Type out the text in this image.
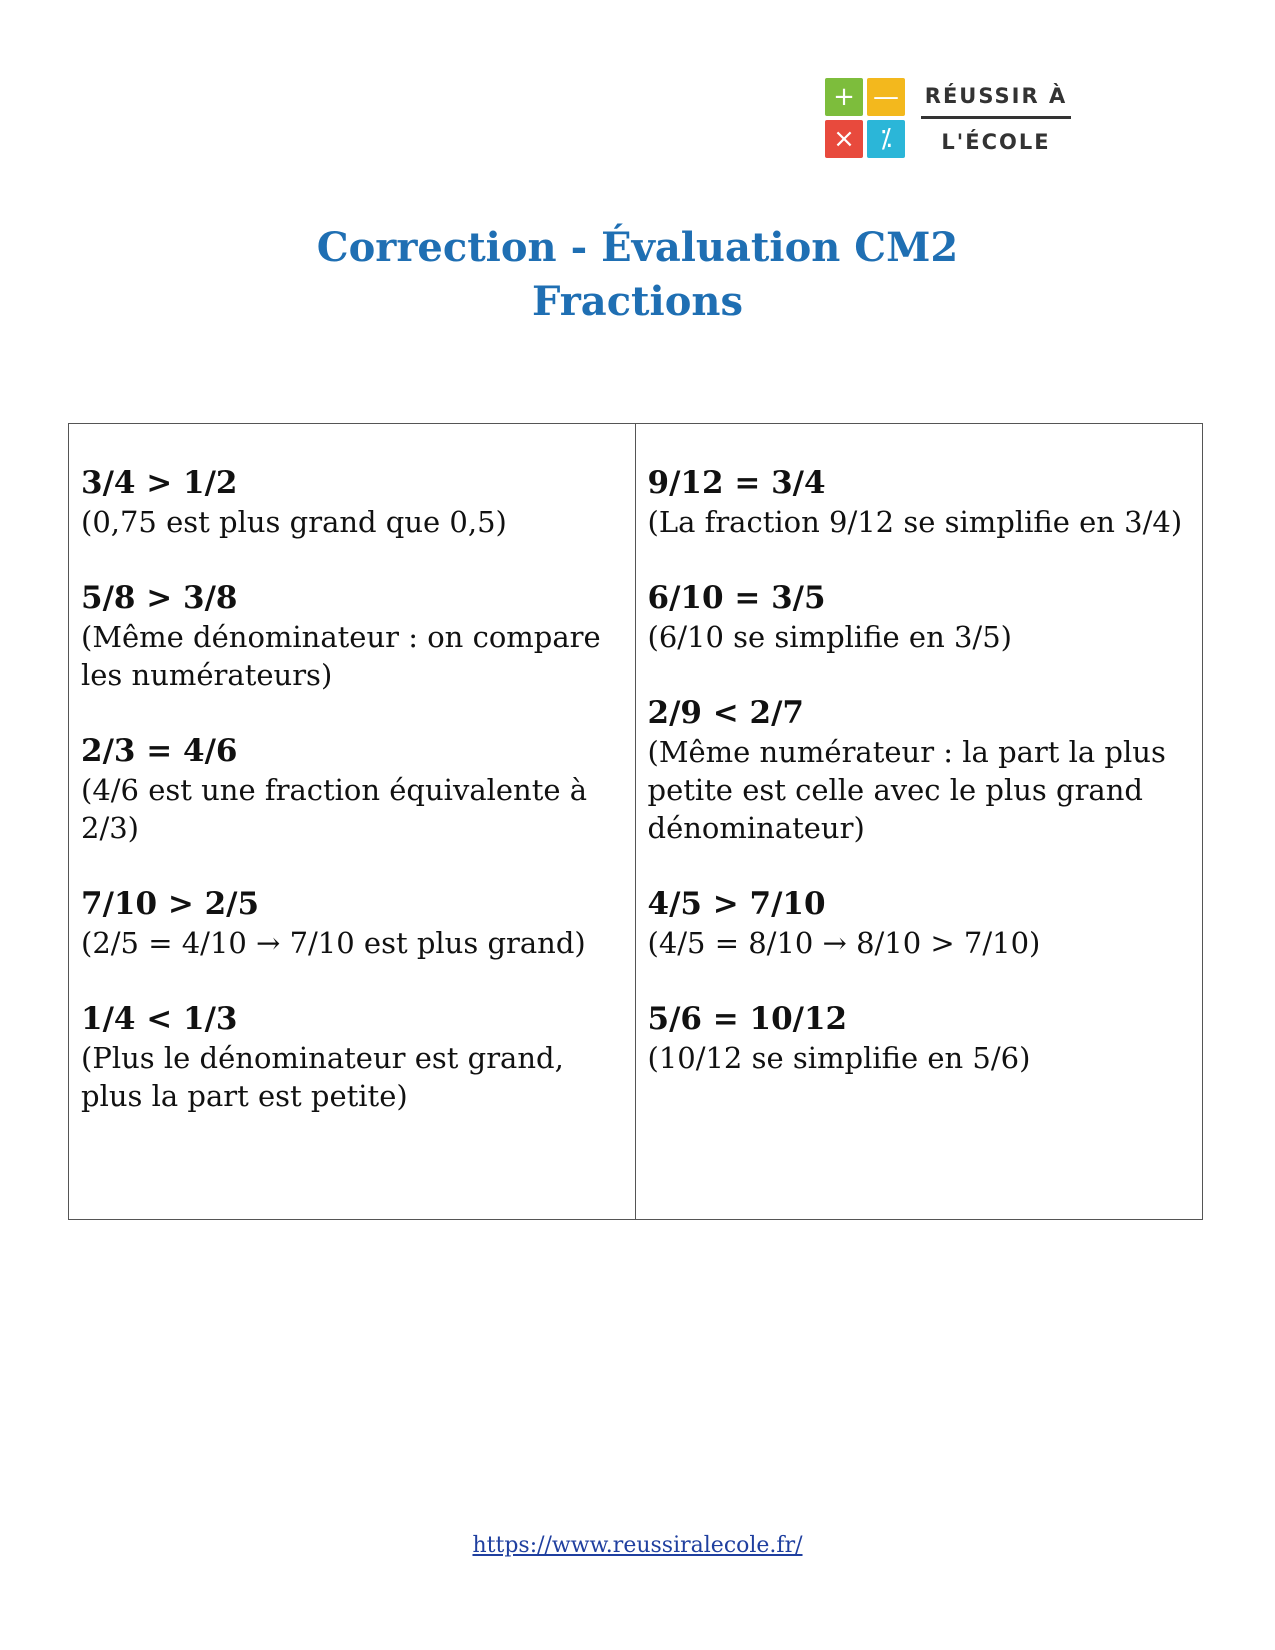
+ —
× ⁒
RÉUSSIR À
L'ÉCOLE
Correction - Évaluation CM2
Fractions
3/4 > 1/2
(0,75 est plus grand que 0,5)
5/8 > 3/8
(Même dénominateur : on compare les numérateurs)
2/3 = 4/6
(4/6 est une fraction équivalente à 2/3)
7/10 > 2/5
(2/5 = 4/10 → 7/10 est plus grand)
1/4 < 1/3
(Plus le dénominateur est grand, plus la part est petite)
9/12 = 3/4
(La fraction 9/12 se simplifie en 3/4)
6/10 = 3/5
(6/10 se simplifie en 3/5)
2/9 < 2/7
(Même numérateur : la part la plus petite est celle avec le plus grand dénominateur)
4/5 > 7/10
(4/5 = 8/10 → 8/10 > 7/10)
5/6 = 10/12
(10/12 se simplifie en 5/6)
https://www.reussiralecole.fr/
